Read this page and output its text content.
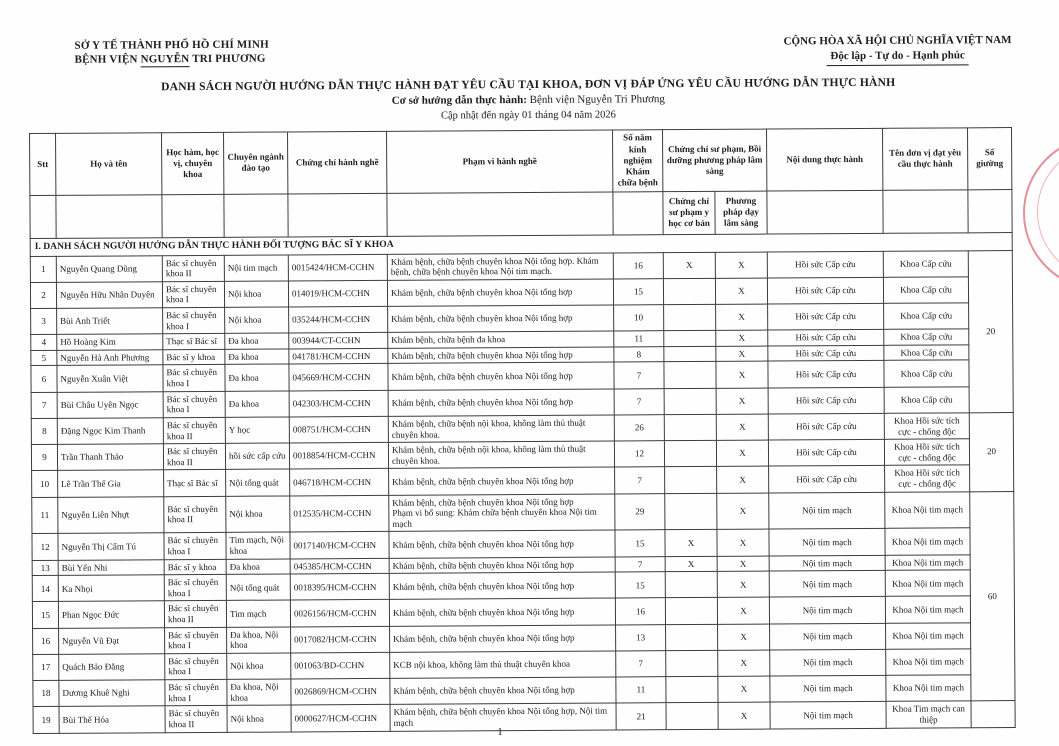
SỞ Y TẾ THÀNH PHỐ HỒ CHÍ MINH
BỆNH VIỆN NGUYỄN TRI PHƯƠNG
CỘNG HÒA XÃ HỘI CHỦ NGHĨA VIỆT NAM
Độc lập - Tự do - Hạnh phúc
DANH SÁCH NGƯỜI HƯỚNG DẪN THỰC HÀNH ĐẠT YÊU CẦU TẠI KHOA, ĐƠN VỊ ĐÁP ỨNG YÊU CẦU HƯỚNG DẪN THỰC HÀNH
Cơ sở hướng dẫn thực hành: Bệnh viện Nguyễn Tri Phương
Cập nhật đến ngày 01 tháng 04 năm 2026
Stt	Họ và tên	Học hàm, học vị, chuyên khoa	Chuyên ngành đào tạo	Chứng chỉ hành nghề	Phạm vi hành nghề	Số năm kinh nghiệm Khám chữa bệnh	Chứng chỉ sư phạm, Bồi dưỡng phương pháp lâm sàng		Nội dung thực hành	Tên đơn vị đạt yêu cầu thực hành	Số giường
							Chứng chỉ sư phạm y học cơ bản	Phương pháp dạy lâm sàng			
I. DANH SÁCH NGƯỜI HƯỚNG DẪN THỰC HÀNH ĐỐI TƯỢNG BÁC SĨ Y KHOA											
1	Nguyễn Quang Dũng	Bác sĩ chuyên khoa II	Nội tim mạch	0015424/HCM-CCHN	Khám bệnh, chữa bệnh chuyên khoa Nội tổng hợp. Khám bệnh, chữa bệnh chuyên khoa Nội tim mạch.	16	X	X	Hồi sức Cấp cứu	Khoa Cấp cứu	20
2	Nguyễn Hữu Nhân Duyên	Bác sĩ chuyên khoa I	Nội khoa	014019/HCM-CCHN	Khám bệnh, chữa bệnh chuyên khoa Nội tổng hợp	15		X	Hồi sức Cấp cứu	Khoa Cấp cứu	
3	Bùi Anh Triết	Bác sĩ chuyên khoa I	Nội khoa	035244/HCM-CCHN	Khám bệnh, chữa bệnh chuyên khoa Nội tổng hợp	10		X	Hồi sức Cấp cứu	Khoa Cấp cứu	
4	Hồ Hoàng Kim	Thạc sĩ Bác sĩ	Đa khoa	003944/CT-CCHN	Khám bệnh, chữa bệnh đa khoa	11		X	Hồi sức Cấp cứu	Khoa Cấp cứu	
5	Nguyễn Hà Anh Phương	Bác sĩ y khoa	Đa khoa	041781/HCM-CCHN	Khám bệnh, chữa bệnh chuyên khoa Nội tổng hợp	8		X	Hồi sức Cấp cứu	Khoa Cấp cứu	
6	Nguyễn Xuân Việt	Bác sĩ chuyên khoa I	Đa khoa	045669/HCM-CCHN	Khám bệnh, chữa bệnh chuyên khoa Nội tổng hợp	7		X	Hồi sức Cấp cứu	Khoa Cấp cứu	
7	Bùi Châu Uyên Ngọc	Bác sĩ chuyên khoa I	Đa khoa	042303/HCM-CCHN	Khám bệnh, chữa bệnh chuyên khoa Nội tổng hợp	7		X	Hồi sức Cấp cứu	Khoa Cấp cứu	
8	Đặng Ngọc Kim Thanh	Bác sĩ chuyên khoa II	Y học	008751/HCM-CCHN	Khám bệnh, chữa bệnh nội khoa, không làm thủ thuật chuyên khoa.	26		X	Hồi sức Cấp cứu	Khoa Hồi sức tích cực - chống độc	20
9	Trần Thanh Thảo	Bác sĩ chuyên khoa II	hồi sức cấp cứu	0018854/HCM-CCHN	Khám bệnh, chữa bệnh nội khoa, không làm thủ thuật chuyên khoa.	12		X	Hồi sức Cấp cứu	Khoa Hồi sức tích cực - chống độc	
10	Lê Trần Thế Gia	Thạc sĩ Bác sĩ	Nội tổng quát	046718/HCM-CCHN	Khám bệnh, chữa bệnh chuyên khoa Nội tổng hợp	7		X	Hồi sức Cấp cứu	Khoa Hồi sức tích cực - chống độc	
11	Nguyễn Liên Nhựt	Bác sĩ chuyên khoa II	Nội khoa	012535/HCM-CCHN	Khám bệnh, chữa bệnh chuyên khoa Nội tổng hợp
Phạm vi bổ sung: Khám chữa bệnh chuyên khoa Nội tim mạch	29		X	Nội tim mạch	Khoa Nội tim mạch	60
12	Nguyễn Thị Cẩm Tú	Bác sĩ chuyên khoa I	Tim mạch, Nội khoa	0017140/HCM-CCHN	Khám bệnh, chữa bệnh chuyên khoa Nội tổng hợp	15	X	X	Nội tim mạch	Khoa Nội tim mạch	
13	Bùi Yến Nhi	Bác sĩ y khoa	Đa khoa	045385/HCM-CCHN	Khám bệnh, chữa bệnh chuyên khoa Nội tổng hợp	7	X	X	Nội tim mạch	Khoa Nội tim mạch	
14	Ka Nhọi	Bác sĩ chuyên khoa I	Nội tổng quát	0018395/HCM-CCHN	Khám bệnh, chữa bệnh chuyên khoa Nội tổng hợp	15		X	Nội tim mạch	Khoa Nội tim mạch	
15	Phan Ngọc Đức	Bác sĩ chuyên khoa II	Tim mạch	0026156/HCM-CCHN	Khám bệnh, chữa bệnh chuyên khoa Nội tổng hợp	16		X	Nội tim mạch	Khoa Nội tim mạch	
16	Nguyễn Vũ Đạt	Bác sĩ chuyên khoa I	Đa khoa, Nội khoa	0017082/HCM-CCHN	Khám bệnh, chữa bệnh chuyên khoa Nội tổng hợp	13		X	Nội tim mạch	Khoa Nội tim mạch	
17	Quách Bảo Đằng	Bác sĩ chuyên khoa I	Nội khoa	001063/BD-CCHN	KCB nội khoa, không làm thủ thuật chuyên khoa	7		X	Nội tim mạch	Khoa Nội tim mạch	
18	Dương Khuê Nghi	Bác sĩ chuyên khoa I	Đa khoa, Nội khoa	0026869/HCM-CCHN	Khám bệnh, chữa bệnh chuyên khoa Nội tổng hợp	11		X	Nội tim mạch	Khoa Nội tim mạch	
19	Bùi Thế Hóa	Bác sĩ chuyên khoa II	Nội khoa	0000627/HCM-CCHN	Khám bệnh, chữa bệnh chuyên khoa Nội tổng hợp, Nội tim mạch	21		X	Nội tim mạch	Khoa Tim mạch can thiệp	
1
